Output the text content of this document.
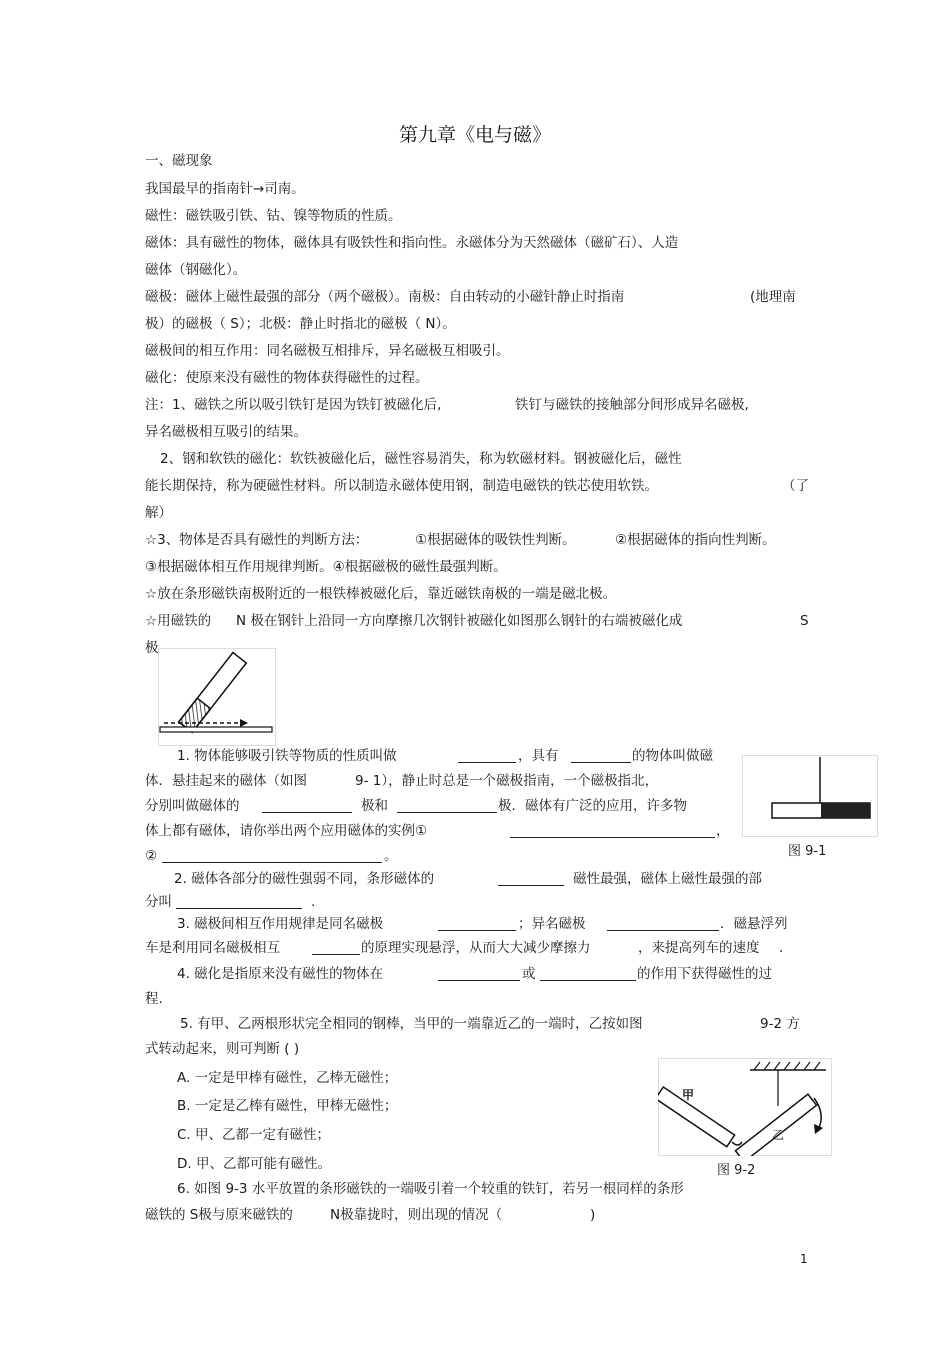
第九章《电与磁》
一、磁现象
我国最早的指南针→司南。
磁性：磁铁吸引铁、钴、镍等物质的性质。
磁体：具有磁性的物体，磁体具有吸铁性和指向性。永磁体分为天然磁体（磁矿石）、人造
磁体（钢磁化）。
磁极：磁体上磁性最强的部分（两个磁极）。南极：自由转动的小磁针静止时指南	(地理南
极）的磁极（ S）；北极：静止时指北的磁极（ N）。
磁极间的相互作用：同名磁极互相排斥，异名磁极互相吸引。
磁化：使原来没有磁性的物体获得磁性的过程。
注：1、磁铁之所以吸引铁钉是因为铁钉被磁化后,	铁钉与磁铁的接触部分间形成异名磁极,
异名磁极相互吸引的结果。
2、钢和软铁的磁化：软铁被磁化后，磁性容易消失，称为软磁材料。钢被磁化后，磁性
能长期保持，称为硬磁性材料。所以制造永磁体使用钢，制造电磁铁的铁芯使用软铁。	（了
解）
☆3、物体是否具有磁性的判断方法：	①根据磁体的吸铁性判断。	②根据磁体的指向性判断。
③根据磁体相互作用规律判断。④根据磁极的磁性最强判断。
☆放在条形磁铁南极附近的一根铁棒被磁化后，靠近磁铁南极的一端是磁北极。
☆用磁铁的 N 极在钢针上沿同一方向摩擦几次钢针被磁化如图那么钢针的右端被磁化成	S
极
1. 物体能够吸引铁等物质的性质叫做	，具有	的物体叫做磁
体．悬挂起来的磁体（如图	9- 1），静止时总是一个磁极指南，一个磁极指北，
分别叫做磁体的	极和	极．磁体有广泛的应用，许多物
体上都有磁体，请你举出两个应用磁体的实例①	，
②	。	图 9-1
2. 磁体各部分的磁性强弱不同，条形磁体的	磁性最强，磁体上磁性最强的部
分叫	.
3. 磁极间相互作用规律是同名磁极	；异名磁极	．磁悬浮列
车是利用同名磁极相互	的原理实现悬浮，从而大大减少摩擦力	，来提高列车的速度 .
4. 磁化是指原来没有磁性的物体在	或	的作用下获得磁性的过
程.
5. 有甲、乙两根形状完全相同的钢棒，当甲的一端靠近乙的一端时，乙按如图	9-2 方
式转动起来，则可判断 ( )
A. 一定是甲棒有磁性，乙棒无磁性；
B. 一定是乙棒有磁性，甲棒无磁性；
C. 甲、乙都一定有磁性；
D. 甲、乙都可能有磁性。
甲
乙
图 9-2
6. 如图 9-3 水平放置的条形磁铁的一端吸引着一个较重的铁钉，若另一根同样的条形
磁铁的 S极与原来磁铁的	N极靠拢时，则出现的情况（	)
1
